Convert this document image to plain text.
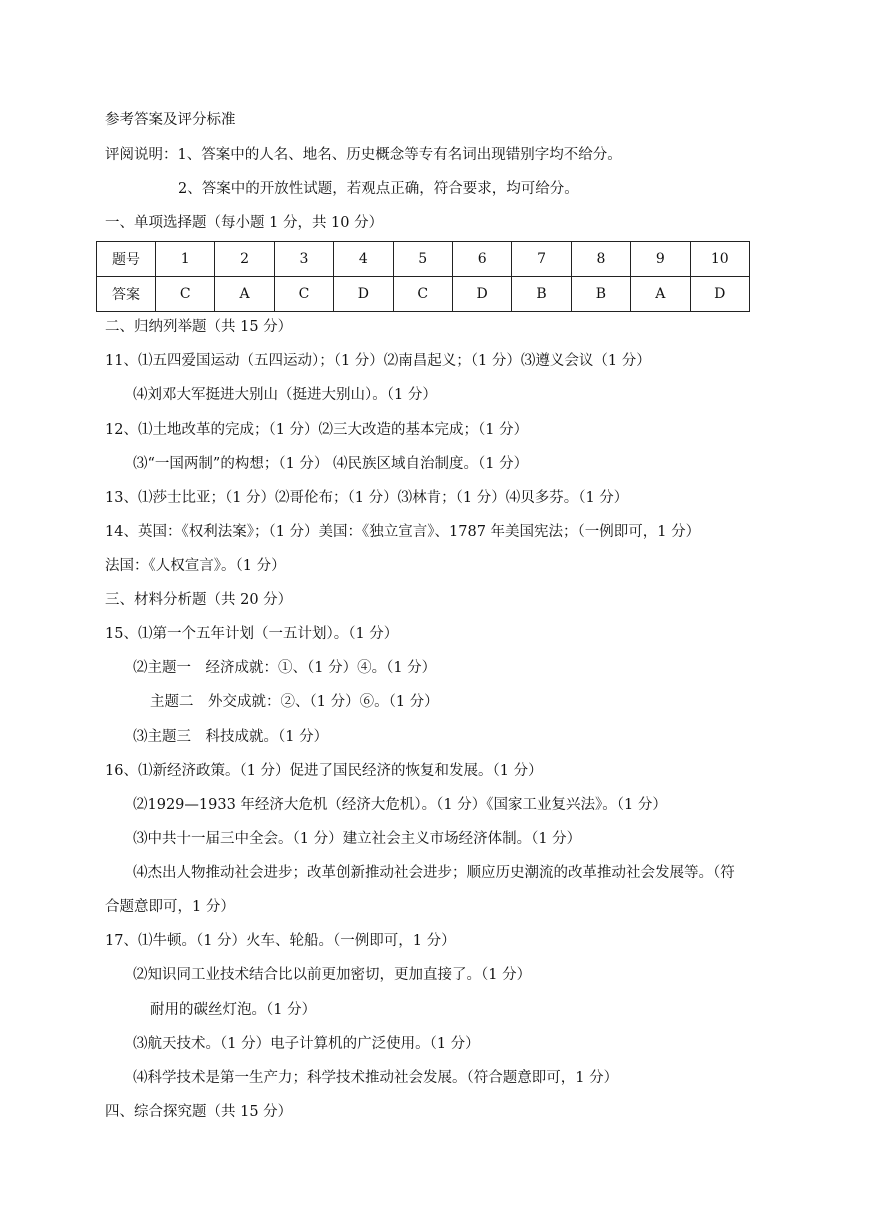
参考答案及评分标准
评阅说明：1、答案中的人名、地名、历史概念等专有名词出现错别字均不给分。
2、答案中的开放性试题，若观点正确，符合要求，均可给分。
一、单项选择题（每小题 1 分，共 10 分）
题号	1	2	3	4	5	6	7	8	9	10
答案	C	A	C	D	C	D	B	B	A	D
二、归纳列举题（共 15 分）
11、⑴五四爱国运动（五四运动）；（1 分）⑵南昌起义；（1 分）⑶遵义会议（1 分）
⑷刘邓大军挺进大别山（挺进大别山）。（1 分）
12、⑴土地改革的完成；（1 分）⑵三大改造的基本完成；（1 分）
⑶“一国两制”的构想；（1 分） ⑷民族区域自治制度。（1 分）
13、⑴莎士比亚；（1 分）⑵哥伦布；（1 分）⑶林肯；（1 分）⑷贝多芬。（1 分）
14、英国：《权利法案》；（1 分）美国：《独立宣言》、1787 年美国宪法；（一例即可，1 分）
法国：《人权宣言》。（1 分）
三、材料分析题（共 20 分）
15、⑴第一个五年计划（一五计划）。（1 分）
⑵主题一　经济成就：①、（1 分）④。（1 分）
主题二　外交成就：②、（1 分）⑥。（1 分）
⑶主题三　科技成就。（1 分）
16、⑴新经济政策。（1 分）促进了国民经济的恢复和发展。（1 分）
⑵1929—1933 年经济大危机（经济大危机）。（1 分）《国家工业复兴法》。（1 分）
⑶中共十一届三中全会。（1 分）建立社会主义市场经济体制。（1 分）
⑷杰出人物推动社会进步；改革创新推动社会进步；顺应历史潮流的改革推动社会发展等。（符
合题意即可，1 分）
17、⑴牛顿。（1 分）火车、轮船。（一例即可，1 分）
⑵知识同工业技术结合比以前更加密切，更加直接了。（1 分）
耐用的碳丝灯泡。（1 分）
⑶航天技术。（1 分）电子计算机的广泛使用。（1 分）
⑷科学技术是第一生产力；科学技术推动社会发展。（符合题意即可，1 分）
四、综合探究题（共 15 分）
